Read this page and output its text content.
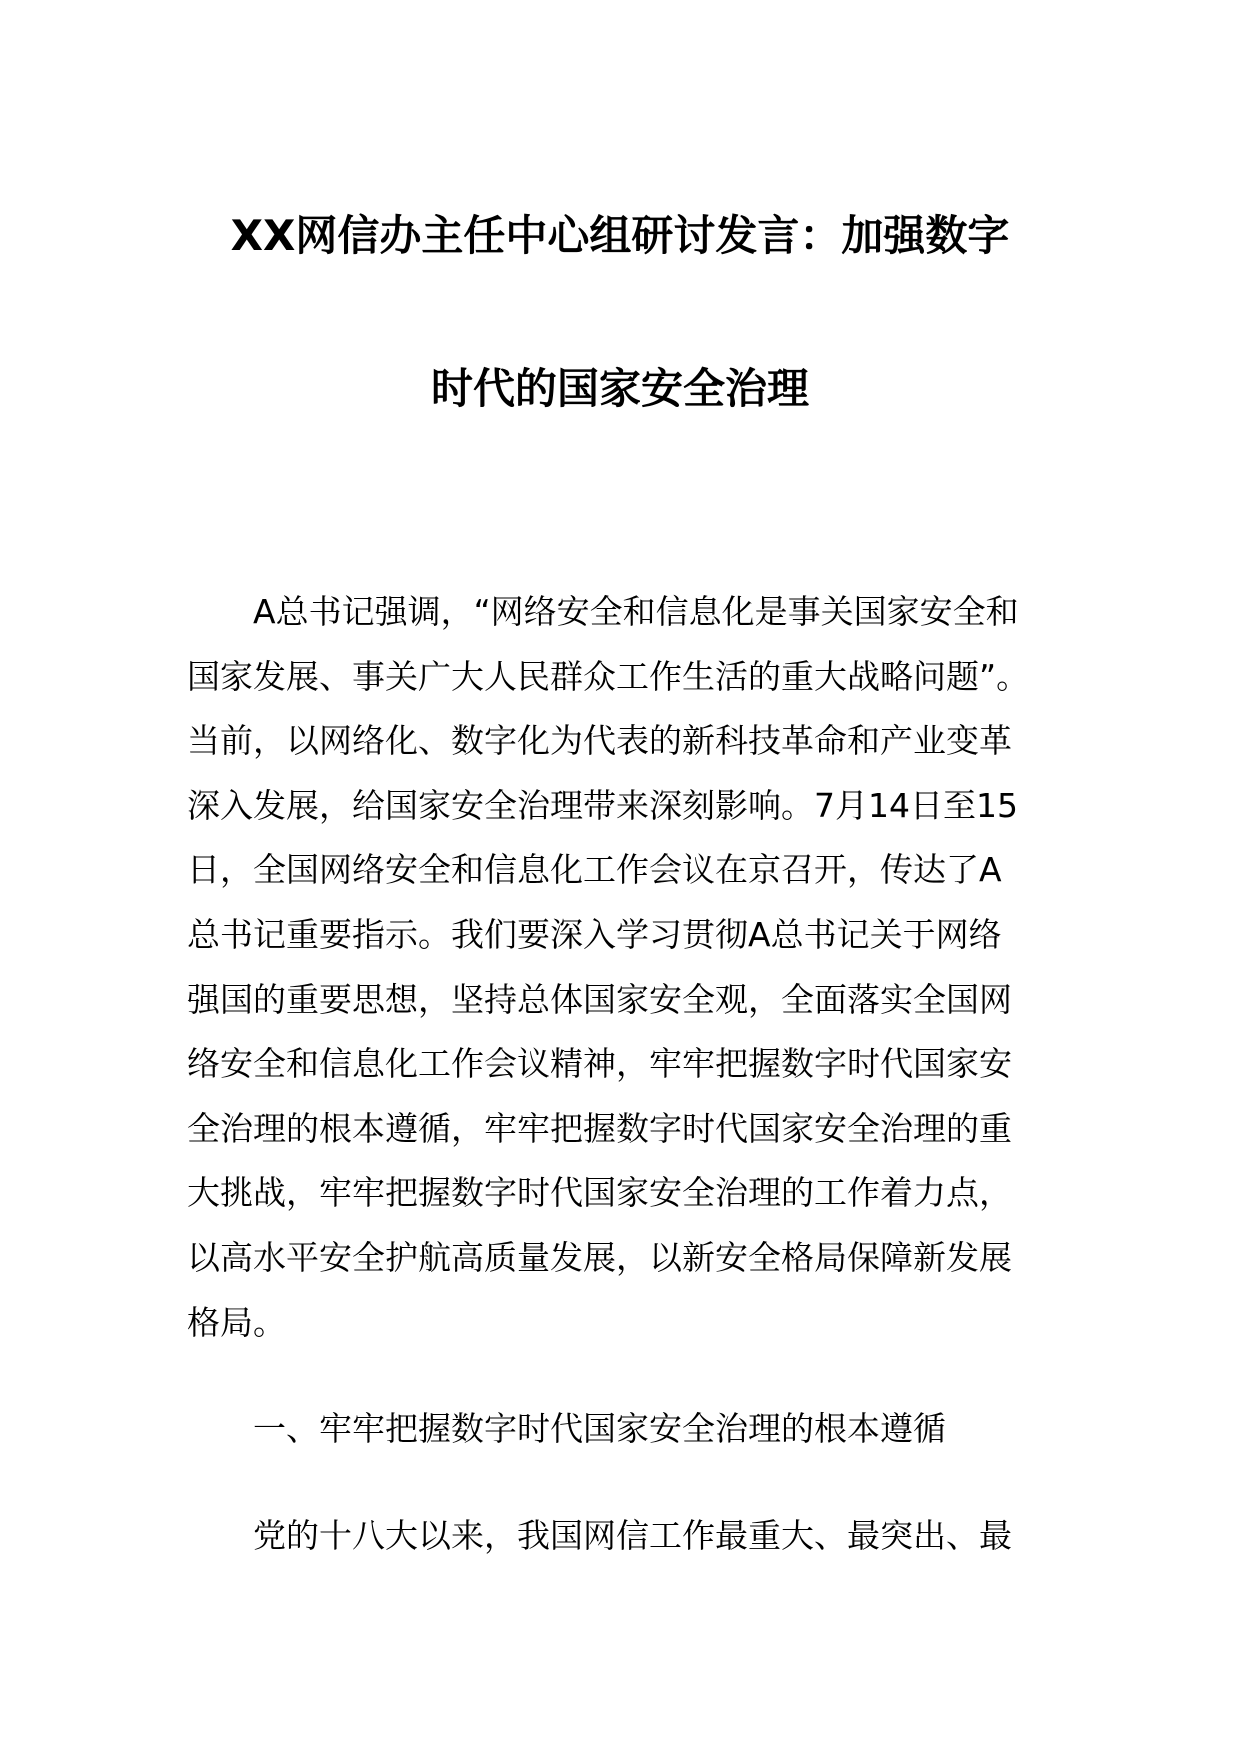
XX网信办主任中心组研讨发言：加强数字
时代的国家安全治理
A总书记强调，“网络安全和信息化是事关国家安全和
国家发展、事关广大人民群众工作生活的重大战略问题”。
当前，以网络化、数字化为代表的新科技革命和产业变革
深入发展，给国家安全治理带来深刻影响。7月14日至15
日，全国网络安全和信息化工作会议在京召开，传达了A
总书记重要指示。我们要深入学习贯彻A总书记关于网络
强国的重要思想，坚持总体国家安全观，全面落实全国网
络安全和信息化工作会议精神，牢牢把握数字时代国家安
全治理的根本遵循，牢牢把握数字时代国家安全治理的重
大挑战，牢牢把握数字时代国家安全治理的工作着力点，
以高水平安全护航高质量发展，以新安全格局保障新发展
格局。
一、牢牢把握数字时代国家安全治理的根本遵循
党的十八大以来，我国网信工作最重大、最突出、最
